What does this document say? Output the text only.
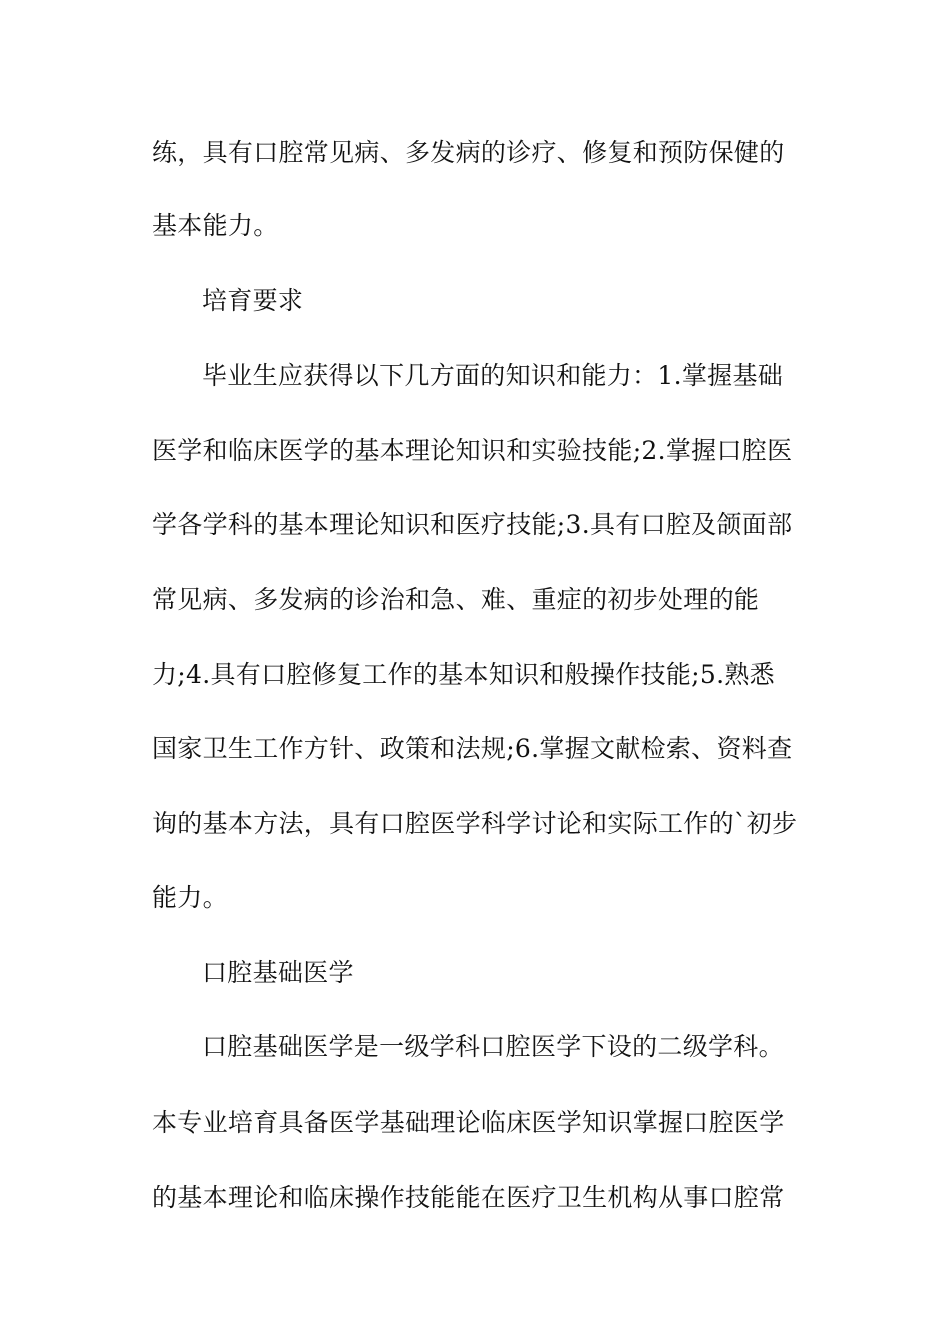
练，具有口腔常见病、多发病的诊疗、修复和预防保健的
基本能力。
培育要求
毕业生应获得以下几方面的知识和能力：1.掌握基础
医学和临床医学的基本理论知识和实验技能;2.掌握口腔医
学各学科的基本理论知识和医疗技能;3.具有口腔及颌面部
常见病、多发病的诊治和急、难、重症的初步处理的能
力;4.具有口腔修复工作的基本知识和般操作技能;5.熟悉
国家卫生工作方针、政策和法规;6.掌握文献检索、资料查
询的基本方法，具有口腔医学科学讨论和实际工作的`初步
能力。
口腔基础医学
口腔基础医学是一级学科口腔医学下设的二级学科。
本专业培育具备医学基础理论临床医学知识掌握口腔医学
的基本理论和临床操作技能能在医疗卫生机构从事口腔常
